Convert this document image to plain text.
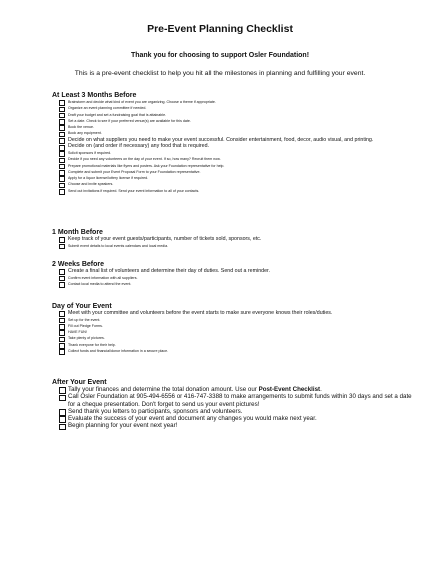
Pre-Event Planning Checklist
Thank you for choosing to support Osler Foundation!
This is a pre-event checklist to help you hit all the milestones in planning and fulfilling your event.
At Least 3 Months Before
Brainstorm and decide what kind of event you are organizing. Choose a theme if appropriate.
Organize an event planning committee if needed.
Draft your budget and set a fundraising goal that is attainable.
Set a date. Check to see if your preferred venue(s) are available for this date.
Book the venue.
Book any equipment.
Decide on what suppliers you need to make your event successful. Consider entertainment, food, decor, audio visual, and printing.
Decide on (and order if necessary) any food that is required.
Solicit sponsors if required.
Decide if you need any volunteers on the day of your event. If so, how many? Recruit them now.
Prepare promotional materials like flyers and posters. Ask your Foundation representative for help.
Complete and submit your Event Proposal Form to your Foundation representative.
Apply for a liquor license/lottery license if required.
Choose and invite speakers.
Send out invitations if required. Send your event information to all of your contacts.
1 Month Before
Keep track of your event guests/participants, number of tickets sold, sponsors, etc.
Submit event details to local events calendars and local media.
2 Weeks Before
Create a final list of volunteers and determine their day of duties. Send out a reminder.
Confirm event information with all suppliers.
Contact local media to attend the event.
Day of Your Event
Meet with your committee and volunteers before the event starts to make sure everyone knows their roles/duties.
Set up for the event.
Fill out Pledge Forms.
HAVE FUN!
Take plenty of pictures.
Thank everyone for their help.
Collect funds and financial/donor information in a secure place.
After Your Event
Tally your finances and determine the total donation amount. Use our Post-Event Checklist.
Call Osler Foundation at 905-494-6556 or 416-747-3388 to make arrangements to submit funds within 30 days and set a date for a cheque presentation. Don't forget to send us your event pictures!
Send thank you letters to participants, sponsors and volunteers.
Evaluate the success of your event and document any changes you would make next year.
Begin planning for your event next year!
